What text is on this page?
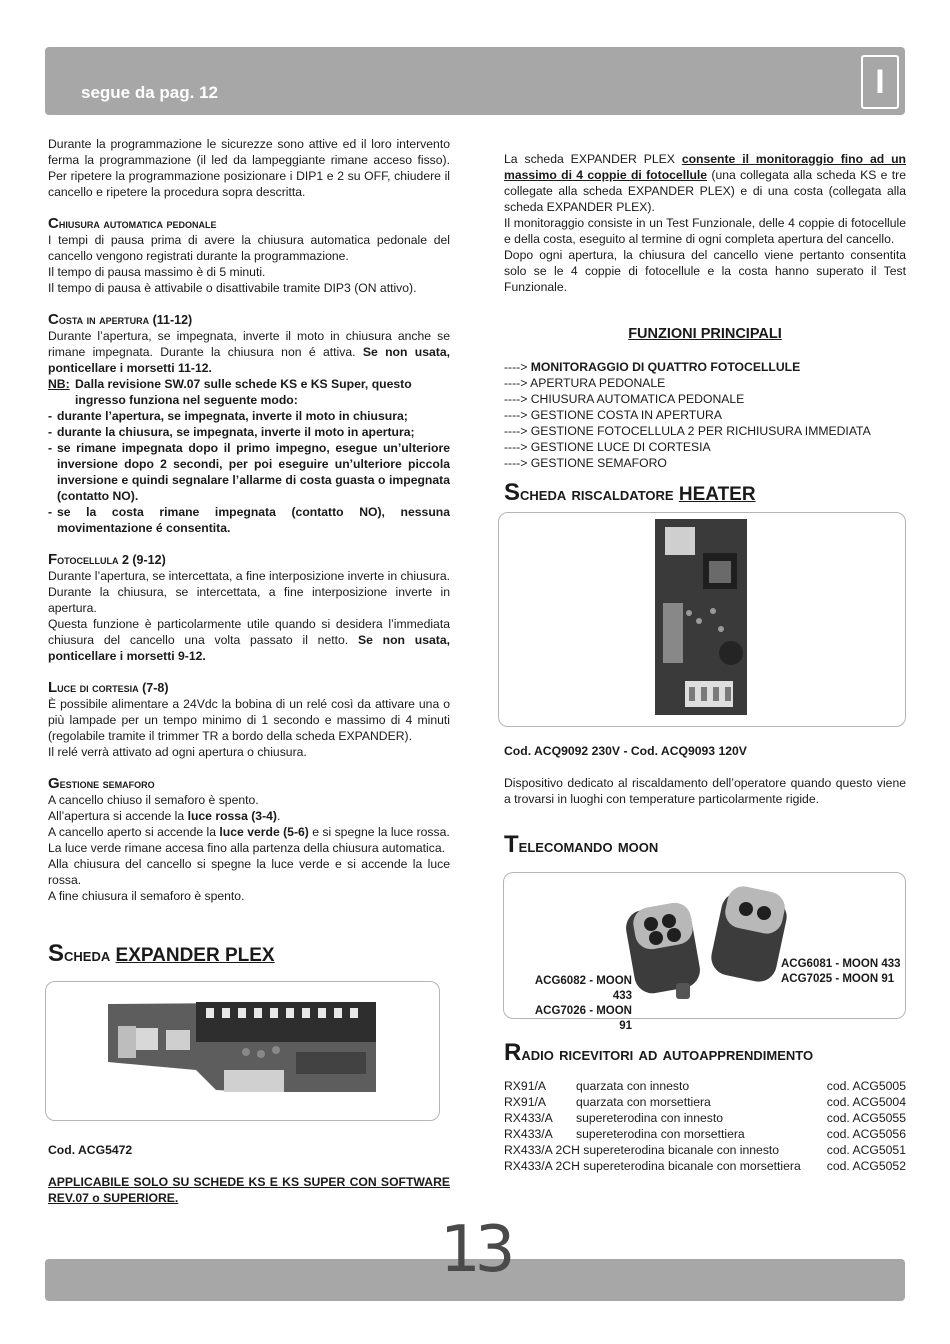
segue da pag. 12	I

Durante la programmazione le sicurezze sono attive ed il loro intervento ferma la programmazione (il led da lampeggiante rimane acceso fisso). Per ripetere la programmazione posizionare i DIP1 e 2 su OFF, chiudere il cancello e ripetere la procedura sopra descritta.

Chiusura automatica pedonale

I tempi di pausa prima di avere la chiusura automatica pedonale del cancello vengono registrati durante la programmazione.

Il tempo di pausa massimo è di 5 minuti.

Il tempo di pausa è attivabile o disattivabile tramite DIP3 (ON attivo).

Costa in apertura (11-12)

Durante l’apertura, se impegnata, inverte il moto in chiusura anche se rimane impegnata. Durante la chiusura non é attiva. Se non usata, ponticellare i morsetti 11-12.

NB: Dalla revisione SW.07 sulle schede KS e KS Super, questo
ingresso funziona nel seguente modo:
- durante l’apertura, se impegnata, inverte il moto in chiusura;
- durante la chiusura, se impegnata, inverte il moto in apertura;
- se rimane impegnata dopo il primo impegno, esegue un’ulteriore inversione dopo 2 secondi, per poi eseguire un’ulteriore piccola inversione e quindi segnalare l’allarme di costa guasta o impegnata (contatto NO).
- se la costa rimane impegnata (contatto NO), nessuna movimentazione é consentita.
Fotocellula 2 (9-12)

Durante l’apertura, se intercettata, a fine interposizione inverte in chiusura. Durante la chiusura, se intercettata, a fine interposizione inverte in apertura.

Questa funzione è particolarmente utile quando si desidera l’immediata chiusura del cancello una volta passato il netto. Se non usata, ponticellare i morsetti 9-12.

Luce di cortesia (7-8)

È possibile alimentare a 24Vdc la bobina di un relé così da attivare una o più lampade per un tempo minimo di 1 secondo e massimo di 4 minuti (regolabile tramite il trimmer TR a bordo della scheda EXPANDER).

Il relé verrà attivato ad ogni apertura o chiusura.

Gestione semaforo

A cancello chiuso il semaforo è spento.

All’apertura si accende la luce rossa (3-4).

A cancello aperto si accende la luce verde (5-6) e si spegne la luce rossa.

La luce verde rimane accesa fino alla partenza della chiusura automatica.

Alla chiusura del cancello si spegne la luce verde e si accende la luce rossa.

A fine chiusura il semaforo è spento.

Scheda EXPANDER PLEX

Cod. ACG5472

APPLICABILE SOLO SU SCHEDE KS E KS SUPER CON SOFTWARE REV.07 o SUPERIORE.

La scheda EXPANDER PLEX consente il monitoraggio fino ad un massimo di 4 coppie di fotocellule (una collegata alla scheda KS e tre collegate alla scheda EXPANDER PLEX) e di una costa (collegata alla scheda EXPANDER PLEX).

Il monitoraggio consiste in un Test Funzionale, delle 4 coppie di fotocellule e della costa, eseguito al termine di ogni completa apertura del cancello.

Dopo ogni apertura, la chiusura del cancello viene pertanto consentita solo se le 4 coppie di fotocellule e la costa hanno superato il Test Funzionale.

FUNZIONI PRINCIPALI

----> MONITORAGGIO DI QUATTRO FOTOCELLULE
----> APERTURA PEDONALE
----> CHIUSURA AUTOMATICA PEDONALE
----> GESTIONE COSTA IN APERTURA
----> GESTIONE FOTOCELLULA 2 PER RICHIUSURA IMMEDIATA
----> GESTIONE LUCE DI CORTESIA
----> GESTIONE SEMAFORO
Scheda riscaldatore HEATER

Cod. ACQ9092 230V - Cod. ACQ9093 120V

Dispositivo dedicato al riscaldamento dell’operatore quando questo viene a trovarsi in luoghi con temperature particolarmente rigide.

Telecomando moon
ACG6082 - MOON 433
ACG7026 - MOON 91
ACG6081 - MOON 433
ACG7025 - MOON 91
Radio ricevitori ad autoapprendimento
RX91/A	quarzata con innesto	cod. ACG5005
RX91/A	quarzata con morsettiera	cod. ACG5004
RX433/A	supereterodina con innesto	cod. ACG5055
RX433/A	supereterodina con morsettiera	cod. ACG5056
RX433/A 2CH supereterodina bicanale con innesto		cod. ACG5051
RX433/A 2CH supereterodina bicanale con morsettiera		cod. ACG5052
13
